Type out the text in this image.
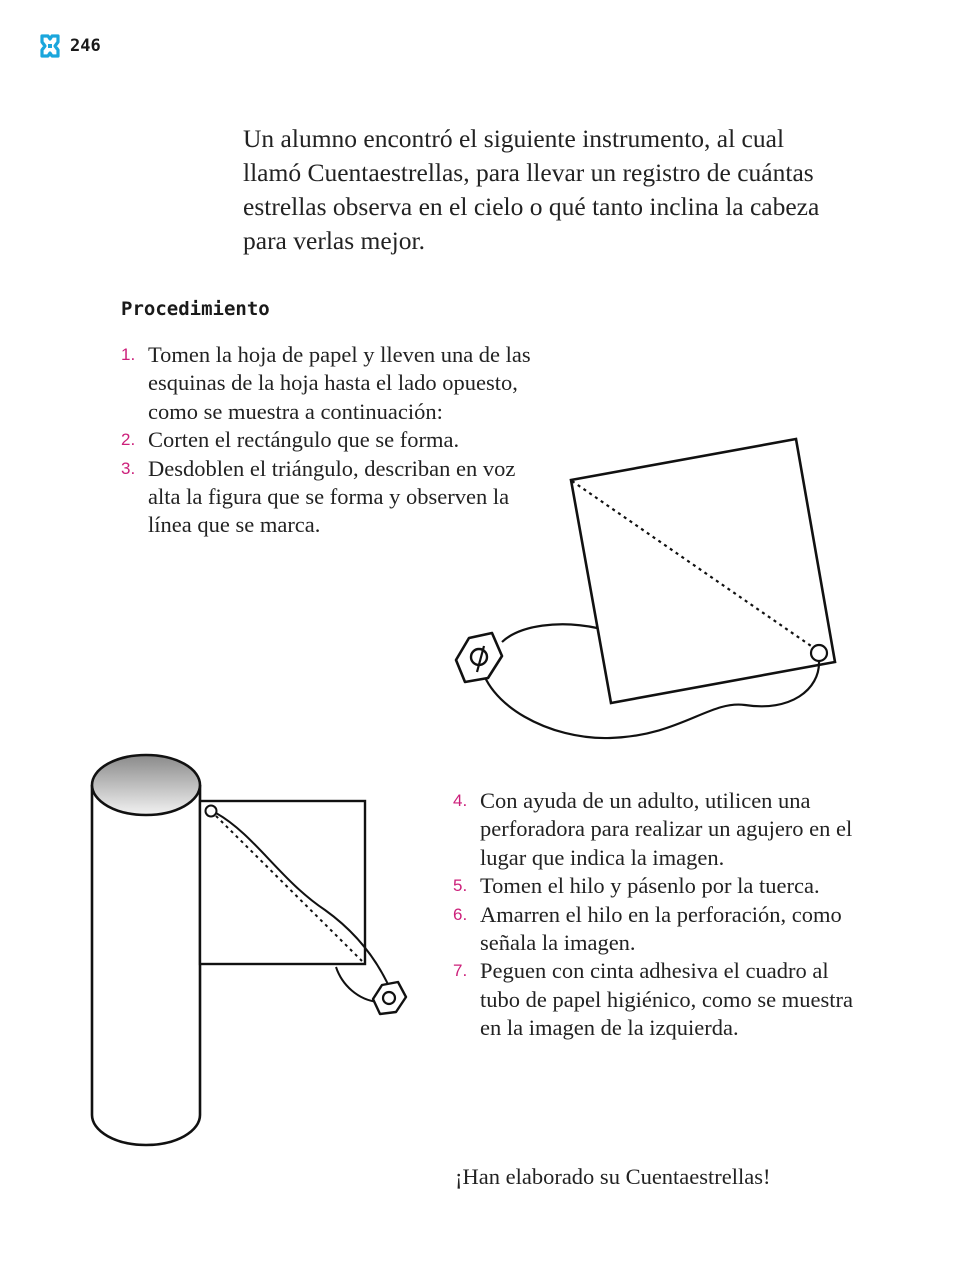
246

Un alumno encontró el siguiente instrumento, al cual llamó Cuentaestrellas, para llevar un registro de cuántas estrellas observa en el cielo o qué tanto inclina la cabeza para verlas mejor.

Procedimiento
1. Tomen la hoja de papel y lleven una de las esquinas de la hoja hasta el lado opuesto, como se muestra a continuación:
2. Corten el rectángulo que se forma.
3. Desdoblen el triángulo, describan en voz alta la figura que se forma y observen la línea que se marca.
4. Con ayuda de un adulto, utilicen una perforadora para realizar un agujero en el lugar que indica la imagen.
5. Tomen el hilo y pásenlo por la tuerca.
6. Amarren el hilo en la perforación, como señala la imagen.
7. Peguen con cinta adhesiva el cuadro al tubo de papel higiénico, como se muestra en la imagen de la izquierda.

¡Han elaborado su Cuentaestrellas!
